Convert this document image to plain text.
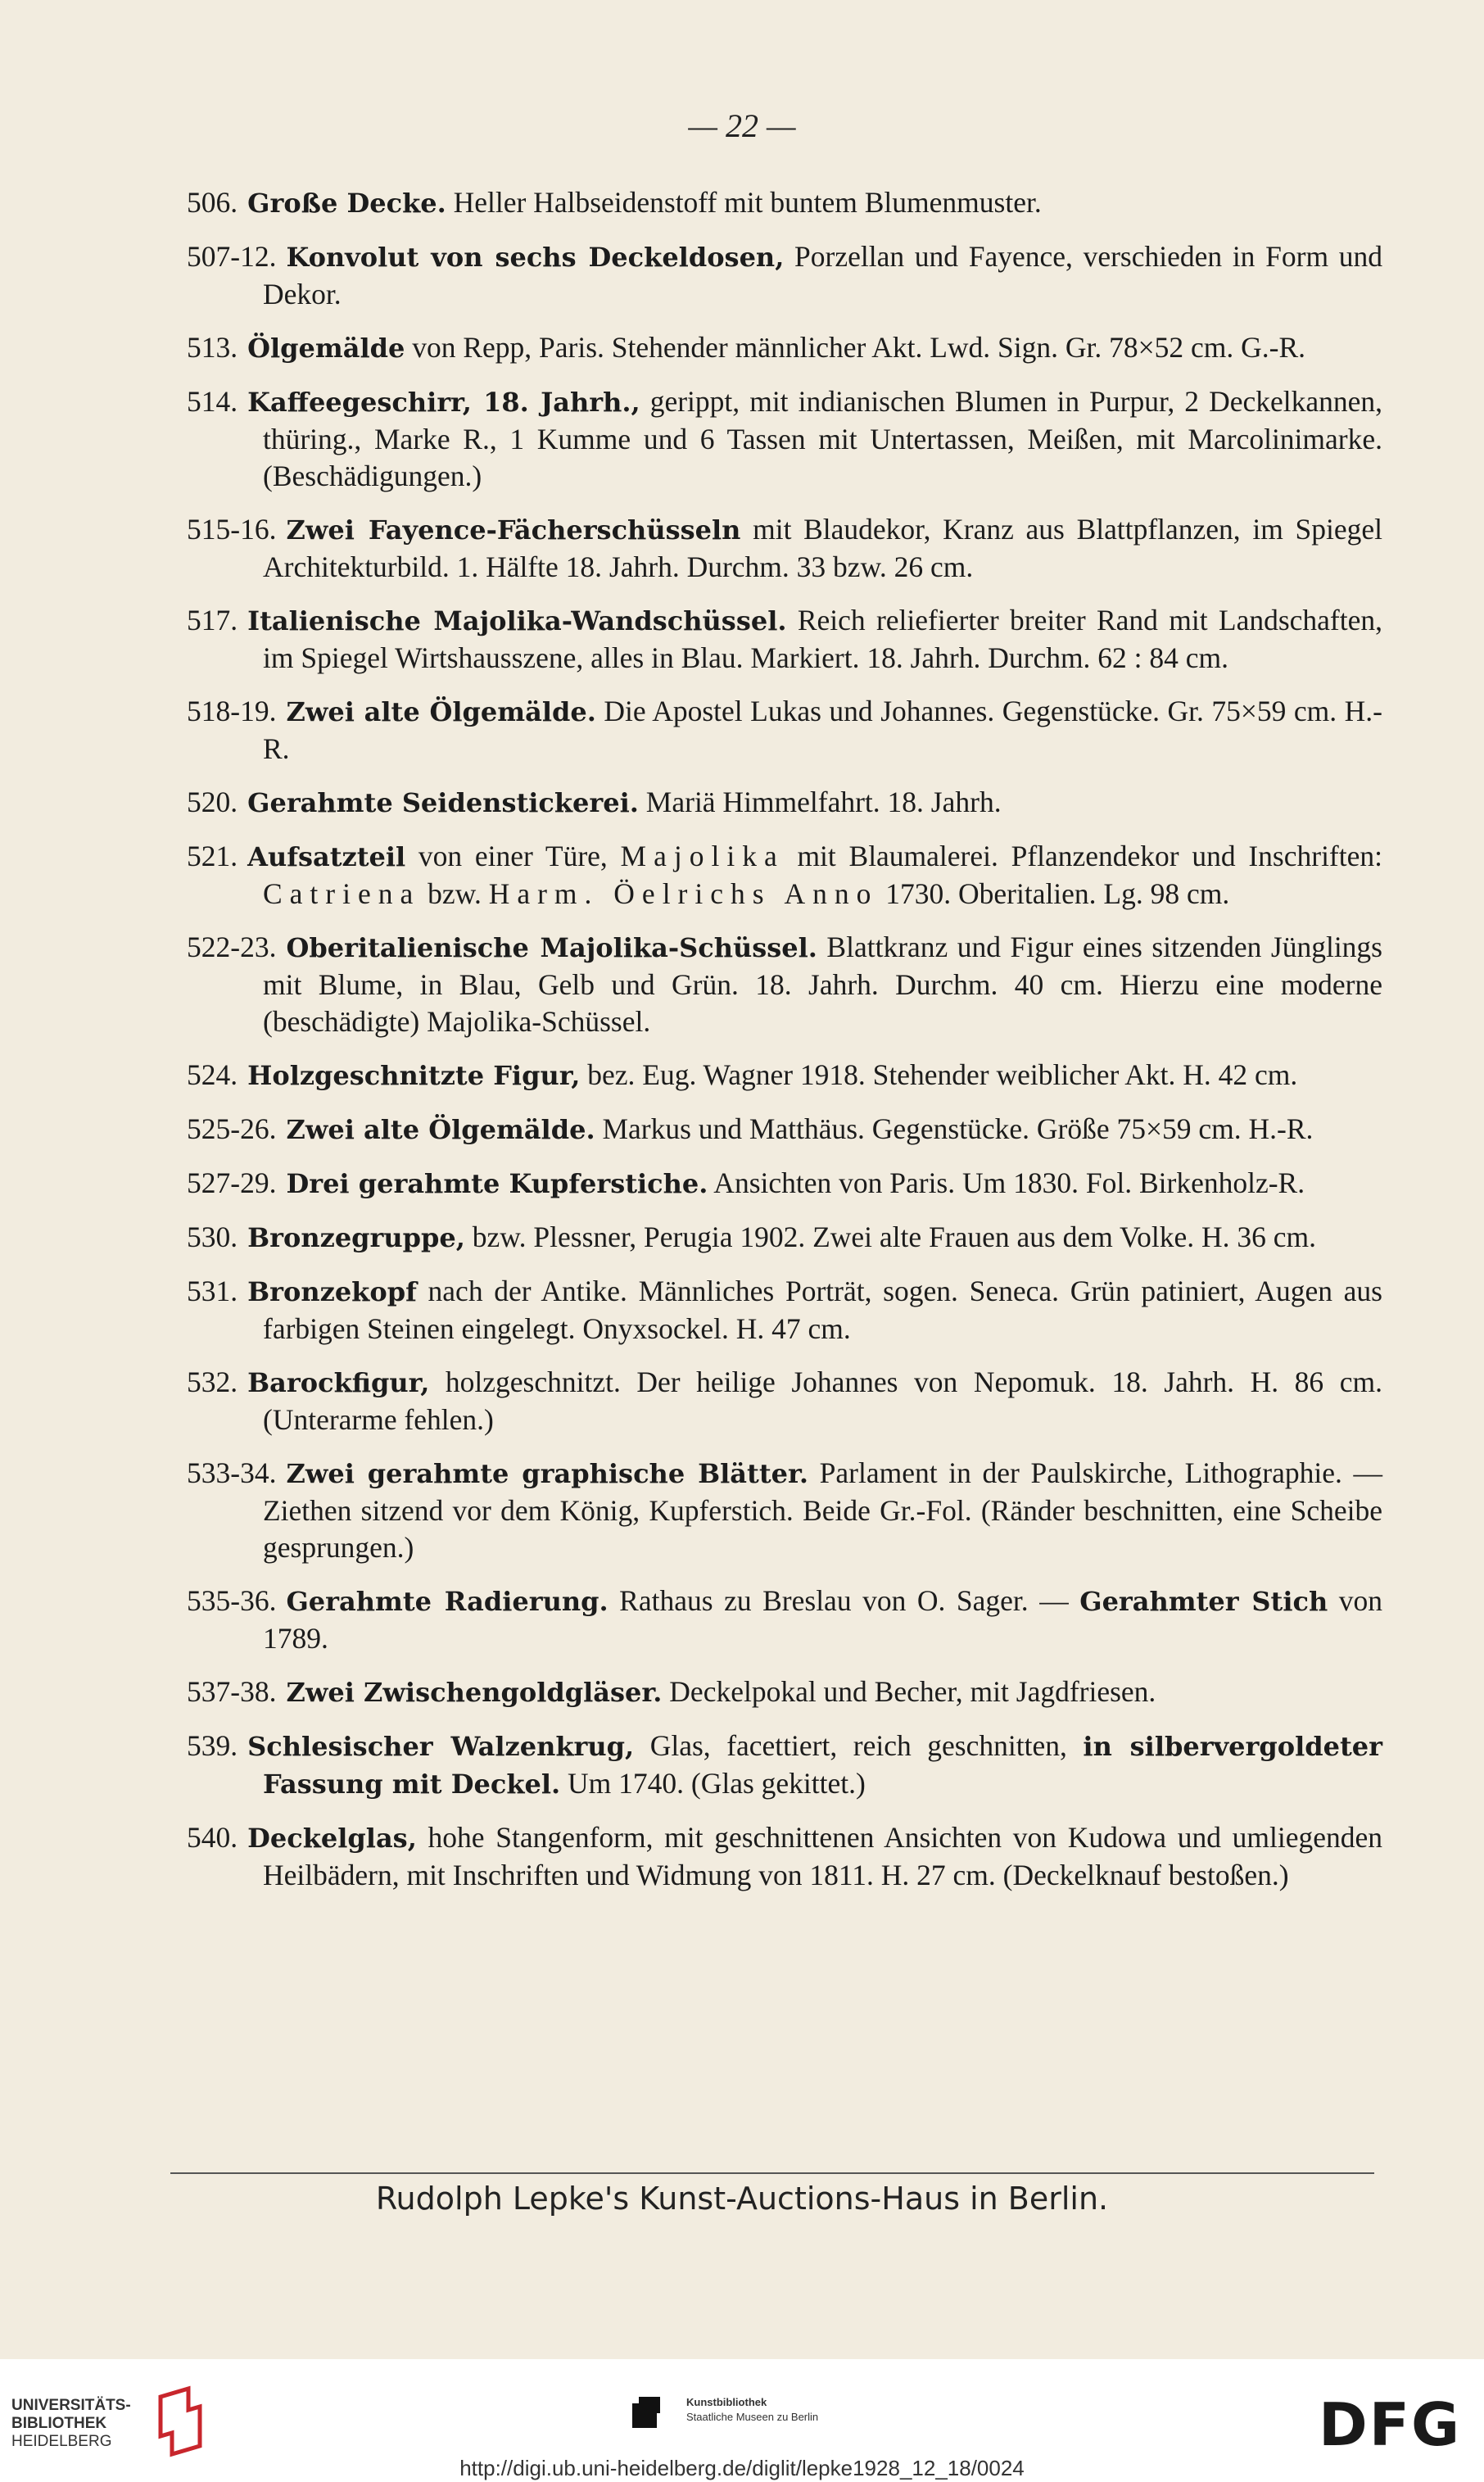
— 22 —
506. Große Decke. Heller Halbseidenstoff mit buntem Blumenmuster.
507-12. Konvolut von sechs Deckeldosen, Porzellan und Fayence, verschieden in Form und Dekor.
513. Ölgemälde von Repp, Paris. Stehender männlicher Akt. Lwd. Sign. Gr. 78×52 cm. G.-R.
514. Kaffeegeschirr, 18. Jahrh., gerippt, mit indianischen Blumen in Purpur, 2 Deckelkannen, thüring., Marke R., 1 Kumme und 6 Tassen mit Untertassen, Meißen, mit Marcolinimarke. (Beschädigungen.)
515-16. Zwei Fayence-Fächerschüsseln mit Blaudekor, Kranz aus Blattpflanzen, im Spiegel Architekturbild. 1. Hälfte 18. Jahrh. Durchm. 33 bzw. 26 cm.
517. Italienische Majolika-Wandschüssel. Reich reliefierter breiter Rand mit Landschaften, im Spiegel Wirtshausszene, alles in Blau. Markiert. 18. Jahrh. Durchm. 62 : 84 cm.
518-19. Zwei alte Ölgemälde. Die Apostel Lukas und Johannes. Gegenstücke. Gr. 75×59 cm. H.-R.
520. Gerahmte Seidenstickerei. Mariä Himmelfahrt. 18. Jahrh.
521. Aufsatzteil von einer Türe, Majolika mit Blaumalerei. Pflanzendekor und Inschriften: Catriena bzw. Harm. Öelrichs Anno 1730. Oberitalien. Lg. 98 cm.
522-23. Oberitalienische Majolika-Schüssel. Blattkranz und Figur eines sitzenden Jünglings mit Blume, in Blau, Gelb und Grün. 18. Jahrh. Durchm. 40 cm. Hierzu eine moderne (beschädigte) Majolika-Schüssel.
524. Holzgeschnitzte Figur, bez. Eug. Wagner 1918. Stehender weiblicher Akt. H. 42 cm.
525-26. Zwei alte Ölgemälde. Markus und Matthäus. Gegenstücke. Größe 75×59 cm. H.-R.
527-29. Drei gerahmte Kupferstiche. Ansichten von Paris. Um 1830. Fol. Birkenholz-R.
530. Bronzegruppe, bzw. Plessner, Perugia 1902. Zwei alte Frauen aus dem Volke. H. 36 cm.
531. Bronzekopf nach der Antike. Männliches Porträt, sogen. Seneca. Grün patiniert, Augen aus farbigen Steinen eingelegt. Onyxsockel. H. 47 cm.
532. Barockfigur, holzgeschnitzt. Der heilige Johannes von Nepomuk. 18. Jahrh. H. 86 cm. (Unterarme fehlen.)
533-34. Zwei gerahmte graphische Blätter. Parlament in der Paulskirche, Lithographie. — Ziethen sitzend vor dem König, Kupferstich. Beide Gr.-Fol. (Ränder beschnitten, eine Scheibe gesprungen.)
535-36. Gerahmte Radierung. Rathaus zu Breslau von O. Sager. — Gerahmter Stich von 1789.
537-38. Zwei Zwischengoldgläser. Deckelpokal und Becher, mit Jagdfriesen.
539. Schlesischer Walzenkrug, Glas, facettiert, reich geschnitten, in silbervergoldeter Fassung mit Deckel. Um 1740. (Glas gekittet.)
540. Deckelglas, hohe Stangenform, mit geschnittenen Ansichten von Kudowa und umliegenden Heilbädern, mit Inschriften und Widmung von 1811. H. 27 cm. (Deckelknauf bestoßen.)
Rudolph Lepke's Kunst-Auctions-Haus in Berlin.
UNIVERSITÄTS-
BIBLIOTHEK
HEIDELBERG
Kunstbibliothek
Staatliche Museen zu Berlin	DFG
http://digi.ub.uni-heidelberg.de/diglit/lepke1928_12_18/0024
